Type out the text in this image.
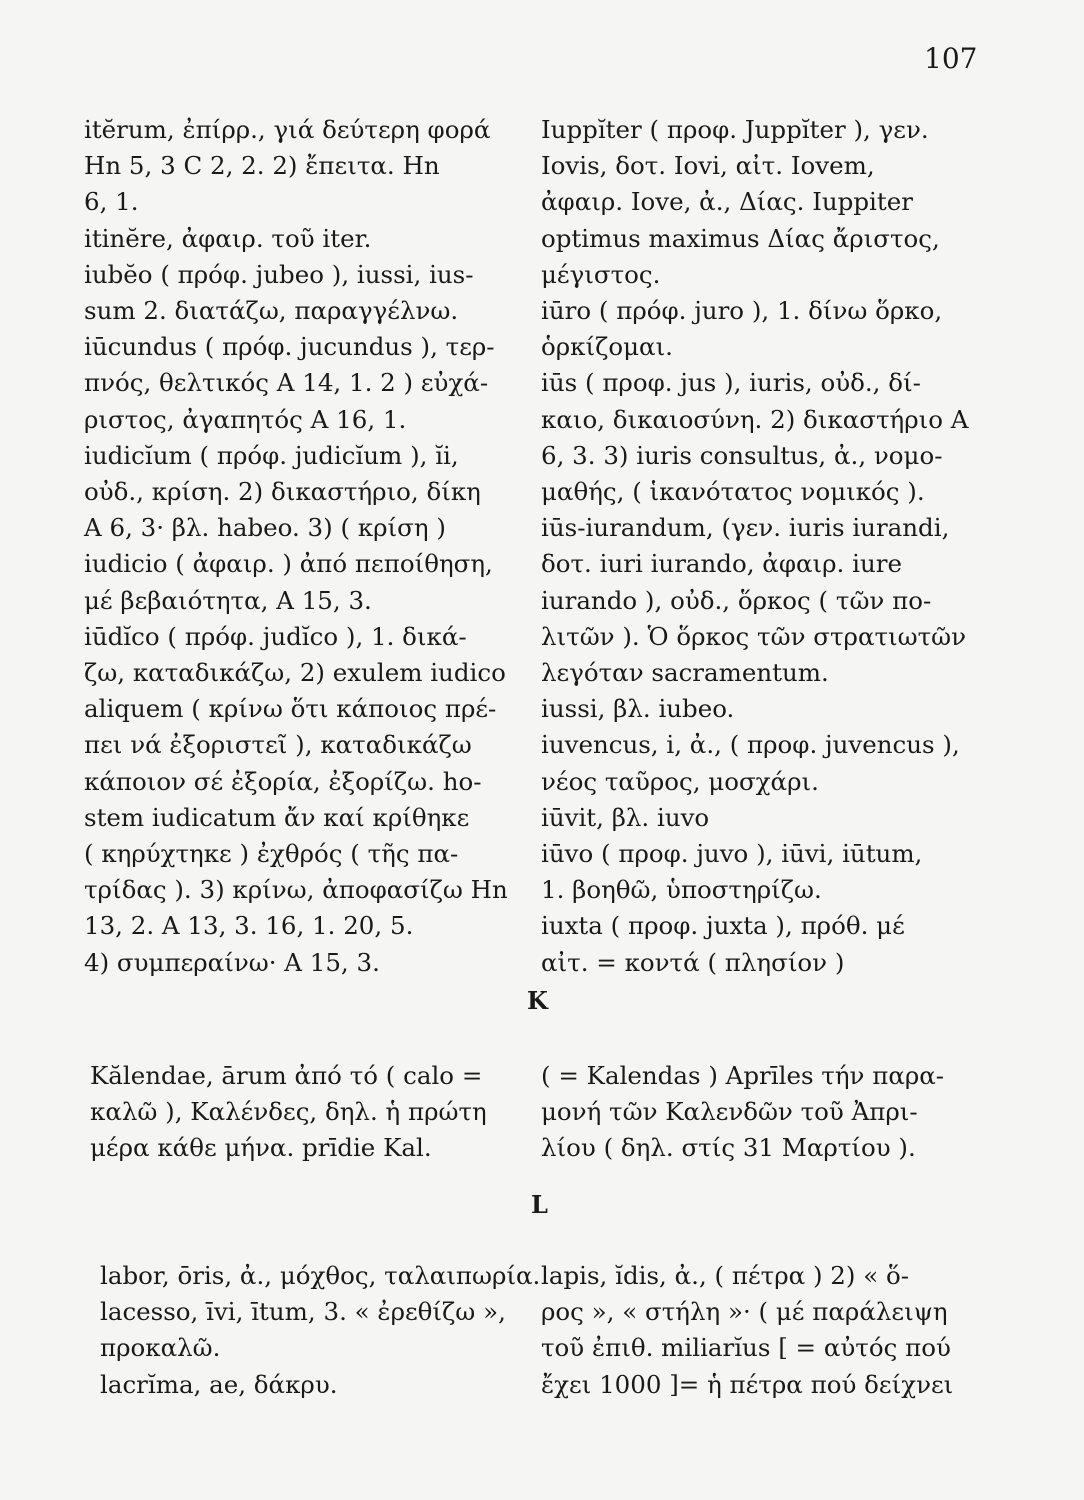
107
itĕrum, ἐπίρρ., γιά δεύτερη φορά
Hn 5, 3 C 2, 2. 2) ἔπειτα. Hn
6, 1.
itinĕre, ἀφαιρ. τοῦ iter.
iubĕo ( πρόφ. jubeo ), iussi, ius-
sum 2. διατάζω, παραγγέλνω.
iūcundus ( πρόφ. jucundus ), τερ-
πνός, θελτικός A 14, 1. 2 ) εὐχά-
ριστος, ἀγαπητός A 16, 1.
iudicĭum ( πρόφ. judicĭum ), ĭi,
οὐδ., κρίση. 2) δικαστήριο, δίκη
A 6, 3· βλ. habeo. 3) ( κρίση )
iudicio ( ἀφαιρ. ) ἀπό πεποίθηση,
μέ βεβαιότητα, A 15, 3.
iūdĭco ( πρόφ. judĭco ), 1. δικά-
ζω, καταδικάζω, 2) exulem iudico
aliquem ( κρίνω ὅτι κάποιος πρέ-
πει νά ἐξοριστεῖ ), καταδικάζω
κάποιον σέ ἐξορία, ἐξορίζω. ho-
stem iudicatum ἄν καί κρίθηκε
( κηρύχτηκε ) ἐχθρός ( τῆς πα-
τρίδας ). 3) κρίνω, ἀποφασίζω Hn
13, 2. A 13, 3. 16, 1. 20, 5.
4) συμπεραίνω· A 15, 3.
Iuppĭter ( προφ. Juppĭter ), γεν.
Iovis, δοτ. Iovi, αἰτ. Iovem,
ἀφαιρ. Iove, ἀ., Δίας. Iuppiter
optimus maximus Δίας ἄριστος,
μέγιστος.
iūro ( πρόφ. juro ), 1. δίνω ὅρκο,
ὁρκίζομαι.
iūs ( προφ. jus ), iuris, οὐδ., δί-
καιο, δικαιοσύνη. 2) δικαστήριο A
6, 3. 3) iuris consultus, ἀ., νομο-
μαθής, ( ἱκανότατος νομικός ).
iūs-iurandum, (γεν. iuris iurandi,
δοτ. iuri iurando, ἀφαιρ. iure
iurando ), οὐδ., ὅρκος ( τῶν πο-
λιτῶν ). Ὁ ὅρκος τῶν στρατιωτῶν
λεγόταν sacramentum.
iussi, βλ. iubeo.
iuvencus, i, ἀ., ( προφ. juvencus ),
νέος ταῦρος, μοσχάρι.
iūvit, βλ. iuvo
iūvo ( προφ. juvo ), iūvi, iūtum,
1. βοηθῶ, ὑποστηρίζω.
iuxta ( προφ. juxta ), πρόθ. μέ
αἰτ. = κοντά ( πλησίον )
K
Kălendae, ārum ἀπό τό ( calo =
καλῶ ), Καλένδες, δηλ. ἡ πρώτη
μέρα κάθε μήνα. prīdie Kal.
( = Kalendas ) Aprīles τήν παρα-
μονή τῶν Καλενδῶν τοῦ Ἀπρι-
λίου ( δηλ. στίς 31 Μαρτίου ).
L
labor, ōris, ἀ., μόχθος, ταλαιπωρία.
lacesso, īvi, ītum, 3. « ἐρεθίζω »,
προκαλῶ.
lacrĭma, ae, δάκρυ.
lapis, ĭdis, ἀ., ( πέτρα ) 2) « ὅ-
ρος », « στήλη »· ( μέ παράλειψη
τοῦ ἐπιθ. miliarĭus [ = αὐτός πού
ἔχει 1000 ]= ἡ πέτρα πού δείχνει
